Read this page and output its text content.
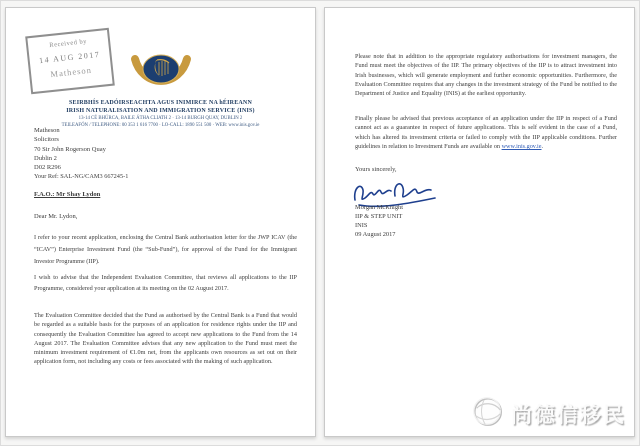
Received by
14 AUG 2017
Matheson
SEIRBHÍS EADÓIRSEACHTA AGUS INIMIRCE NA hÉIREANN
IRISH NATURALISATION AND IMMIGRATION SERVICE (INIS)
13-14 CÉ BHÚRCA, BAILE ÁTHA CLIATH 2 · 13-14 BURGH QUAY, DUBLIN 2
TEILEAFÓN / TELEPHONE: 00 353 1 616 7700 · LO-CALL: 1890 551 500 · WEB: www.inis.gov.ie
Matheson
Solicitors
70 Sir John Rogerson Quay
Dublin 2
D02 R296
Your Ref: SAL-NG/CAM3 667245-1
F.A.O.: Mr Shay Lydon
Dear Mr. Lydon,

I refer to your recent application, enclosing the Central Bank authorisation letter for the JWP ICAV (the “ICAV”) Enterprise Investment Fund (the “Sub-Fund”), for approval of the Fund for the Immigrant Investor Programme (IIP).

I wish to advise that the Independent Evaluation Committee, that reviews all applications to the IIP Programme, considered your application at its meeting on the 02 August 2017.

The Evaluation Committee decided that the Fund as authorised by the Central Bank is a Fund that would be regarded as a suitable basis for the purposes of an application for residence rights under the IIP and consequently the Evaluation Committee has agreed to accept new applications to the Fund from the 14 August 2017. The Evaluation Committee advises that any new application to the Fund must meet the minimum investment requirement of €1.0m net, from the applicants own resources as set out on their application form, not including any costs or fees associated with the making of such application.

Please note that in addition to the appropriate regulatory authorisations for investment managers, the Fund must meet the objectives of the IIP. The primary objectives of the IIP is to attract investment into Irish businesses, which will generate employment and further economic opportunities. Furthermore, the Evaluation Committee requires that any changes in the investment strategy of the Fund be notified to the Department of Justice and Equality (INIS) at the earliest opportunity.

Finally please be advised that previous acceptance of an application under the IIP in respect of a Fund cannot act as a guarantee in respect of future applications. This is self evident in the case of a Fund, which has altered its investment criteria or failed to comply with the IIP applicable conditions. Further guidelines in relation to Investment Funds are available on www.inis.gov.ie.

Yours sincerely,
Morgan McKnight
IIP & STEP UNIT
INIS
09 August 2017
尚德信移民
